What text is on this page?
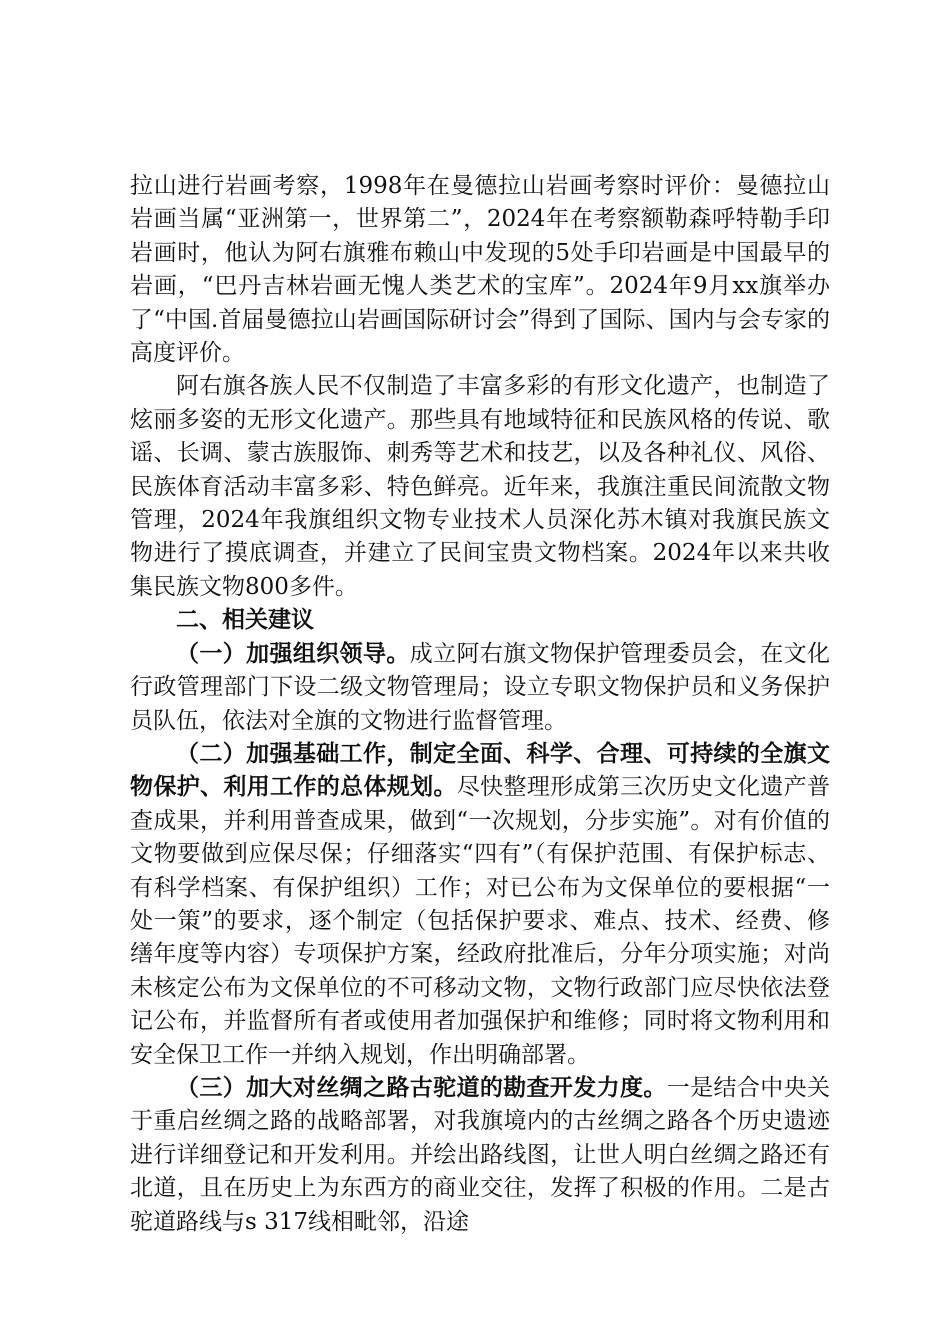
拉山进行岩画考察，1998年在曼德拉山岩画考察时评价：曼德拉山岩画当属“亚洲第一，世界第二”，2024年在考察额勒森呼特勒手印岩画时，他认为阿右旗雅布赖山中发现的5处手印岩画是中国最早的岩画，“巴丹吉林岩画无愧人类艺术的宝库”。2024年9月xx旗举办了“中国.首届曼德拉山岩画国际研讨会”得到了国际、国内与会专家的高度评价。

阿右旗各族人民不仅制造了丰富多彩的有形文化遗产，也制造了炫丽多姿的无形文化遗产。那些具有地域特征和民族风格的传说、歌谣、长调、蒙古族服饰、刺秀等艺术和技艺，以及各种礼仪、风俗、民族体育活动丰富多彩、特色鲜亮。近年来，我旗注重民间流散文物管理，2024年我旗组织文物专业技术人员深化苏木镇对我旗民族文物进行了摸底调查，并建立了民间宝贵文物档案。2024年以来共收集民族文物800多件。

二、相关建议

（一）加强组织领导。成立阿右旗文物保护管理委员会，在文化行政管理部门下设二级文物管理局；设立专职文物保护员和义务保护员队伍，依法对全旗的文物进行监督管理。

（二）加强基础工作，制定全面、科学、合理、可持续的全旗文物保护、利用工作的总体规划。尽快整理形成第三次历史文化遗产普查成果，并利用普查成果，做到“一次规划，分步实施”。对有价值的文物要做到应保尽保；仔细落实“四有”（有保护范围、有保护标志、有科学档案、有保护组织）工作；对已公布为文保单位的要根据“一处一策”的要求，逐个制定（包括保护要求、难点、技术、经费、修缮年度等内容）专项保护方案，经政府批准后，分年分项实施；对尚未核定公布为文保单位的不可移动文物，文物行政部门应尽快依法登记公布，并监督所有者或使用者加强保护和维修；同时将文物利用和安全保卫工作一并纳入规划，作出明确部署。

（三）加大对丝绸之路古驼道的勘查开发力度。一是结合中央关于重启丝绸之路的战略部署，对我旗境内的古丝绸之路各个历史遗迹进行详细登记和开发利用。并绘出路线图，让世人明白丝绸之路还有北道，且在历史上为东西方的商业交往，发挥了积极的作用。二是古驼道路线与s 317线相毗邻，沿途
